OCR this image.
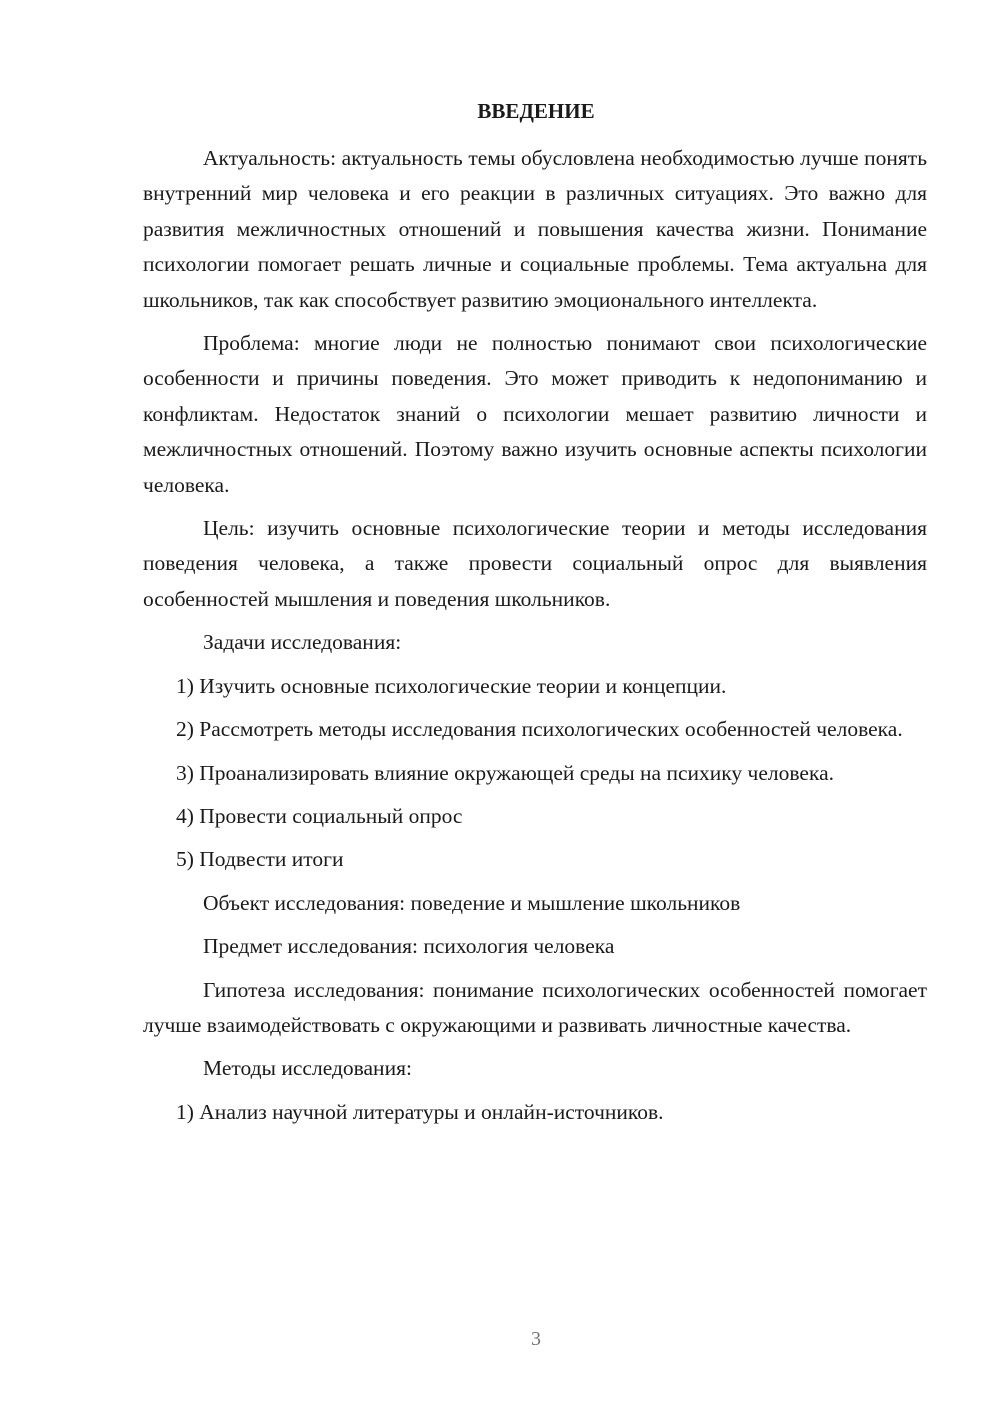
ВВЕДЕНИЕ

Актуальность: актуальность темы обусловлена необходимостью лучше понять внутренний мир человека и его реакции в различных ситуациях. Это важно для развития межличностных отношений и повышения качества жизни. Понимание психологии помогает решать личные и социальные проблемы. Тема актуальна для школьников, так как способствует развитию эмоционального интеллекта.

Проблема: многие люди не полностью понимают свои психологические особенности и причины поведения. Это может приводить к недопониманию и конфликтам. Недостаток знаний о психологии мешает развитию личности и межличностных отношений. Поэтому важно изучить основные аспекты психологии человека.

Цель: изучить основные психологические теории и методы исследования поведения человека, а также провести социальный опрос для выявления особенностей мышления и поведения школьников.

Задачи исследования:

1) Изучить основные психологические теории и концепции.

2) Рассмотреть методы исследования психологических особенностей человека.

3) Проанализировать влияние окружающей среды на психику человека.

4) Провести социальный опрос

5) Подвести итоги

Объект исследования: поведение и мышление школьников

Предмет исследования: психология человека

Гипотеза исследования: понимание психологических особенностей помогает лучше взаимодействовать с окружающими и развивать личностные качества.

Методы исследования:

1) Анализ научной литературы и онлайн-источников.

3
